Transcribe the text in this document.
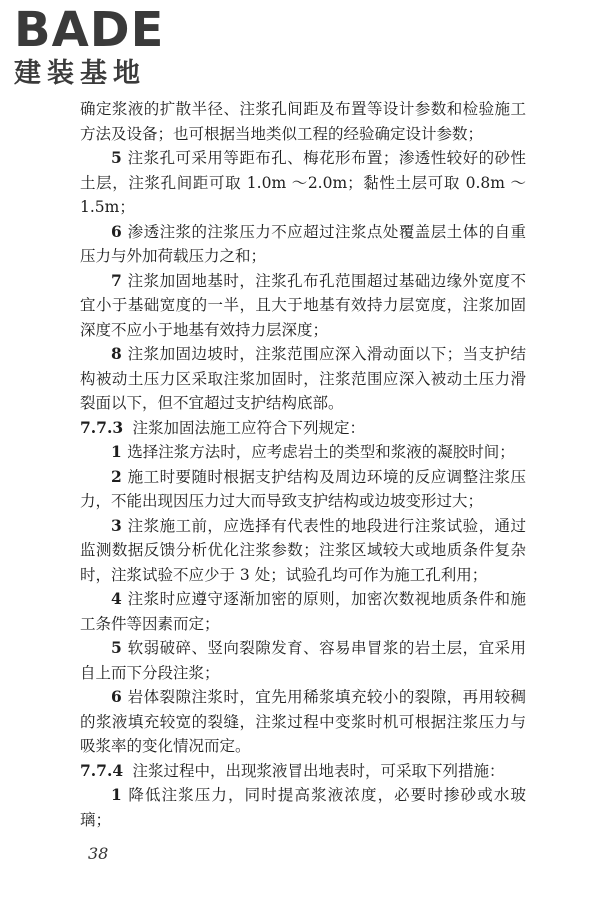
BADE
建装基地

确定浆液的扩散半径、注浆孔间距及布置等设计参数和检验施工方法及设备；也可根据当地类似工程的经验确定设计参数；

5 注浆孔可采用等距布孔、梅花形布置；渗透性较好的砂性土层，注浆孔间距可取 1.0m ～2.0m；黏性土层可取 0.8m ～1.5m；

6 渗透注浆的注浆压力不应超过注浆点处覆盖层土体的自重压力与外加荷载压力之和；

7 注浆加固地基时，注浆孔布孔范围超过基础边缘外宽度不宜小于基础宽度的一半，且大于地基有效持力层宽度，注浆加固深度不应小于地基有效持力层深度；

8 注浆加固边坡时，注浆范围应深入滑动面以下；当支护结构被动土压力区采取注浆加固时，注浆范围应深入被动土压力滑裂面以下，但不宜超过支护结构底部。

7.7.3 注浆加固法施工应符合下列规定：

1 选择注浆方法时，应考虑岩土的类型和浆液的凝胶时间；

2 施工时要随时根据支护结构及周边环境的反应调整注浆压力，不能出现因压力过大而导致支护结构或边坡变形过大；

3 注浆施工前，应选择有代表性的地段进行注浆试验，通过监测数据反馈分析优化注浆参数；注浆区域较大或地质条件复杂时，注浆试验不应少于 3 处；试验孔均可作为施工孔利用；

4 注浆时应遵守逐渐加密的原则，加密次数视地质条件和施工条件等因素而定；

5 软弱破碎、竖向裂隙发育、容易串冒浆的岩土层，宜采用自上而下分段注浆；

6 岩体裂隙注浆时，宜先用稀浆填充较小的裂隙，再用较稠的浆液填充较宽的裂缝，注浆过程中变浆时机可根据注浆压力与吸浆率的变化情况而定。

7.7.4 注浆过程中，出现浆液冒出地表时，可采取下列措施：

1 降低注浆压力，同时提高浆液浓度，必要时掺砂或水玻璃；

38
